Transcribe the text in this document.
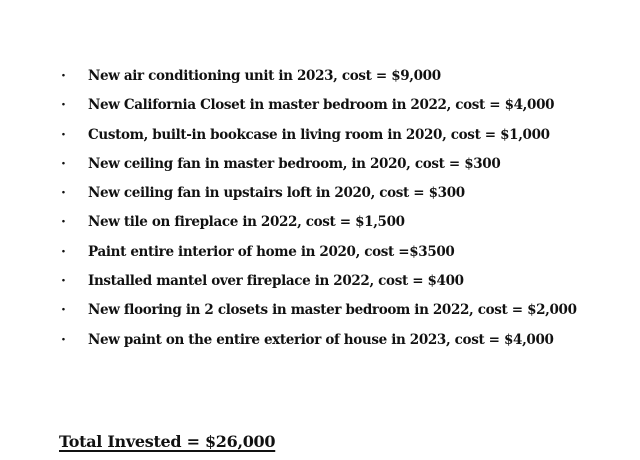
· New air conditioning unit in 2023, cost = $9,000
· New California Closet in master bedroom in 2022, cost = $4,000
· Custom, built-in bookcase in living room in 2020, cost = $1,000
· New ceiling fan in master bedroom, in 2020, cost = $300
· New ceiling fan in upstairs loft in 2020, cost = $300
· New tile on fireplace in 2022, cost = $1,500
· Paint entire interior of home in 2020, cost =$3500
· Installed mantel over fireplace in 2022, cost = $400
· New flooring in 2 closets in master bedroom in 2022, cost = $2,000
· New paint on the entire exterior of house in 2023, cost = $4,000

Total Invested = $26,000
